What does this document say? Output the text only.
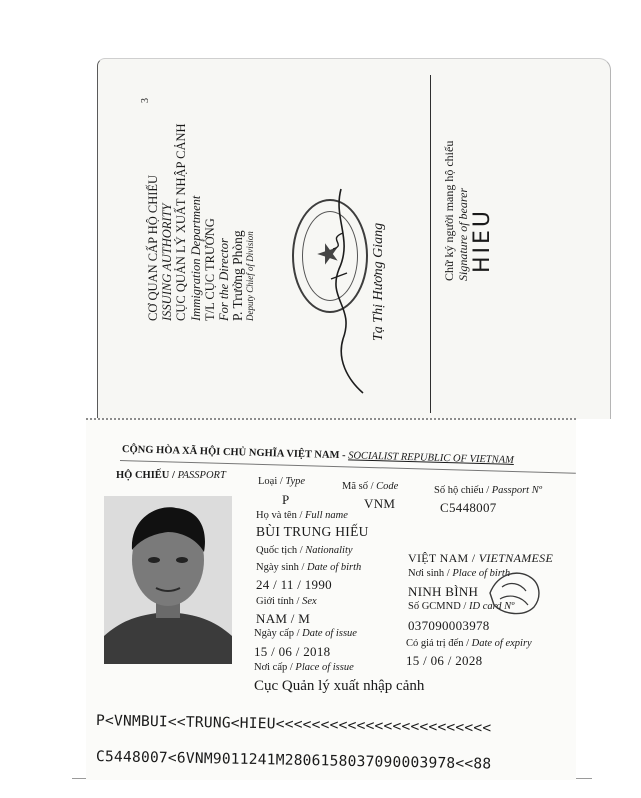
3
CƠ QUAN CẤP HỘ CHIẾU ISSUING AUTHORITY CỤC QUẢN LÝ XUẤT NHẬP CẢNH Immigration Department T/L CỤC TRƯỞNG For the Director P. Trưởng Phòng Deputy Chief of Division ★ Tạ Thị Hương Giang
Chữ ký người mang hộ chiếu Signature of bearer HIEU
CỘNG HÒA XÃ HỘI CHỦ NGHĨA VIỆT NAM - SOCIALIST REPUBLIC OF VIETNAM
HỘ CHIẾU / PASSPORT
Loại / Type
P
Mã số / Code
VNM
Số hộ chiếu / Passport Nº
C5448007
Họ và tên / Full name
BÙI TRUNG HIẾU
Quốc tịch / Nationality
VIỆT NAM / VIETNAMESE
Ngày sinh / Date of birth
24 / 11 / 1990
Nơi sinh / Place of birth
NINH BÌNH
Giới tính / Sex
NAM / M
Số GCMND / ID card Nº
037090003978
Ngày cấp / Date of issue
15 / 06 / 2018
Có giá trị đến / Date of expiry
15 / 06 / 2028
Nơi cấp / Place of issue
Cục Quản lý xuất nhập cảnh
P<VNMBUI<<TRUNG<HIEU<<<<<<<<<<<<<<<<<<<<<<<<
C5448007<6VNM9011241M2806158037090003978<<88
